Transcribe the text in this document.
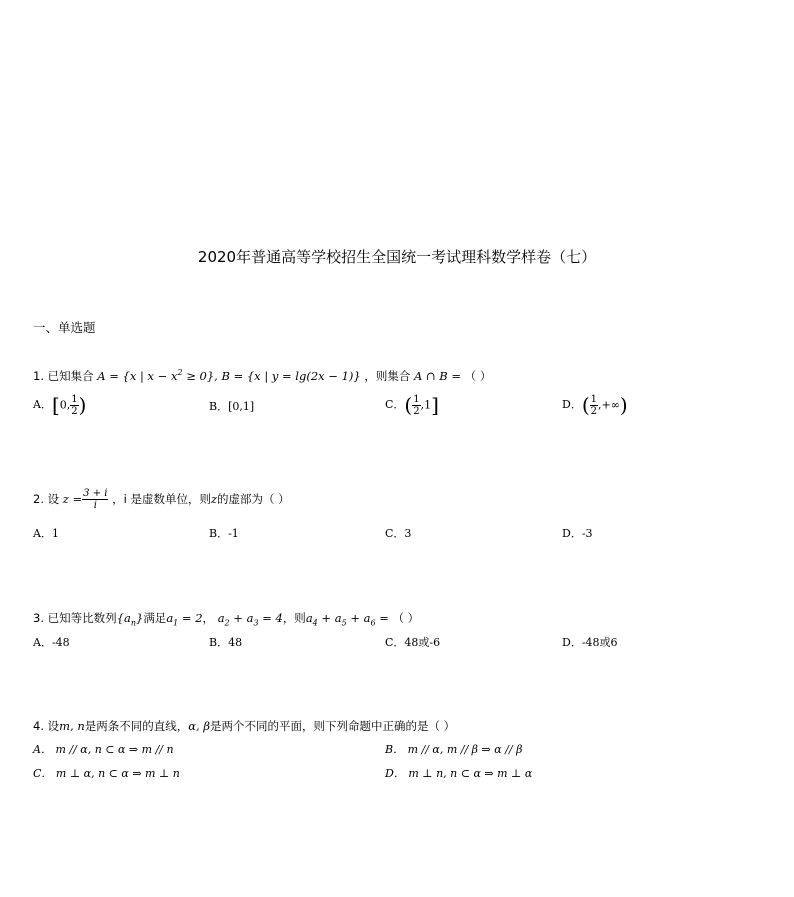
2020年普通高等学校招生全国统一考试理科数学样卷（七）
一、单选题
1. 已知集合 A = {x | $x - x^2 \ge 0$}, B = {x | y = lg(2x − 1)} ，则集合 A ∩ B = （ ）
A．[0, $\frac{1}{2}$ )	B．[0,1]	C．( $\frac{1}{2} ,1$]	D．( $\frac{1}{2}$ ,+∞)
2. 设 $z = \frac{3 + i}{i}$ ，i 是虚数单位，则z的虚部为（ ）
A．1	B．-1	C．3	D．-3
3. 已知等比数列$\{a_n\}$满足$a_1 = 2$， $a_2 + a_3 = 4$，则$a_4 + a_5 + a_6$ = （ ）
A．-48	B．48	C．48或-6	D．-48或6
4. 设m, n是两条不同的直线，α, β是两个不同的平面，则下列命题中正确的是（ ）
A． m // α, n ⊂ α ⇒ m // n	B． m // α, m // β ⇒ α // β
C． m ⊥ α, n ⊂ α ⇒ m ⊥ n	D． m ⊥ n, n ⊂ α ⇒ m ⊥ α
